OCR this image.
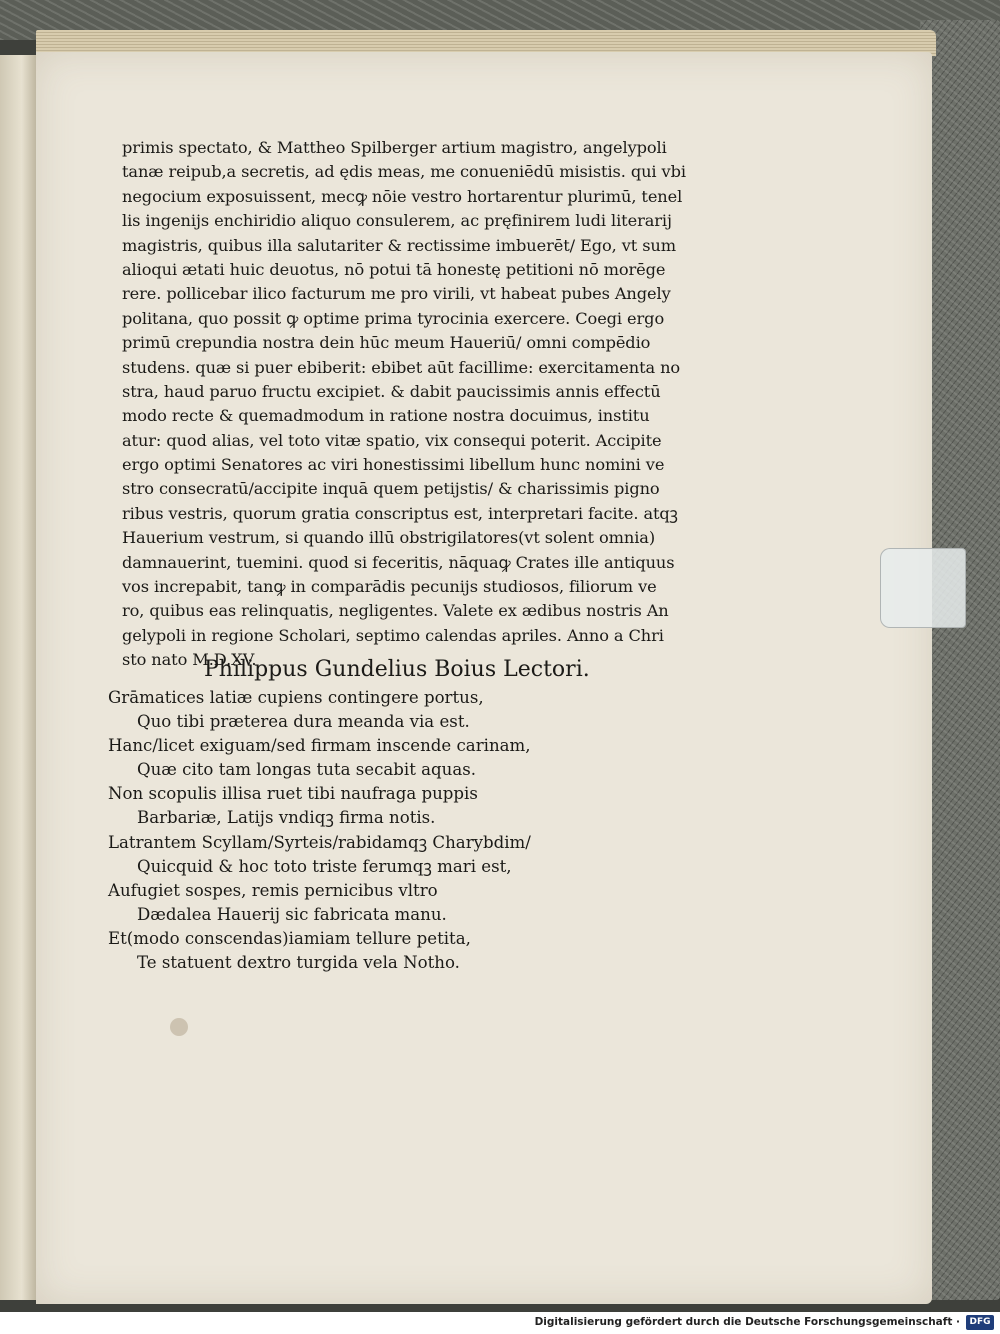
primis spectato, & Mattheo Spilberger artium magistro, angelypoli
tanæ reipub,a secretis, ad ędis meas, me conueniēdū misistis. qui vbi
negocium exposuissent, mecꝙ nōie vestro hortarentur plurimū, tenel
lis ingenijs enchiridio aliquo consulerem, ac pręfinirem ludi literarij
magistris, quibus illa salutariter & rectissime imbuerēt/ Ego, vt sum
alioqui ætati huic deuotus, nō potui tā honestę petitioni nō morēge
rere. pollicebar ilico facturum me pro virili, vt habeat pubes Angely
politana, quo possit ꝙ optime prima tyrocinia exercere. Coegi ergo
primū crepundia nostra dein hūc meum Haueriū/ omni compēdio
studens. quæ si puer ebiberit: ebibet aūt facillime: exercitamenta no
stra, haud paruo fructu excipiet. & dabit paucissimis annis effectū
modo recte & quemadmodum in ratione nostra docuimus, institu
atur: quod alias, vel toto vitæ spatio, vix consequi poterit. Accipite
ergo optimi Senatores ac viri honestissimi libellum hunc nomini ve
stro consecratū/accipite inquā quem petijstis/ & charissimis pigno
ribus vestris, quorum gratia conscriptus est, interpretari facite. atqꝫ
Hauerium vestrum, si quando illū obstrigilatores(vt solent omnia)
damnauerint, tuemini. quod si feceritis, nāquaꝙ Crates ille antiquus
vos increpabit, tanꝙ in comparādis pecunijs studiosos, filiorum ve
ro, quibus eas relinquatis, negligentes. Valete ex ædibus nostris An
gelypoli in regione Scholari, septimo calendas apriles. Anno a Chri
sto nato M.D.XV.
Philippus Gundelius Boius Lectori.
Grāmatices latiæ cupiens contingere portus,
Quo tibi præterea dura meanda via est.
Hanc/licet exiguam/sed firmam inscende carinam,
Quæ cito tam longas tuta secabit aquas.
Non scopulis illisa ruet tibi naufraga puppis
Barbariæ, Latijs vndiqꝫ firma notis.
Latrantem Scyllam/Syrteis/rabidamqꝫ Charybdim/
Quicquid & hoc toto triste ferumqꝫ mari est,
Aufugiet sospes, remis pernicibus vltro
Dædalea Hauerij sic fabricata manu.
Et(modo conscendas)iamiam tellure petita,
Te statuent dextro turgida vela Notho.
Digitalisierung gefördert durch die Deutsche Forschungsgemeinschaft ·	DFG
